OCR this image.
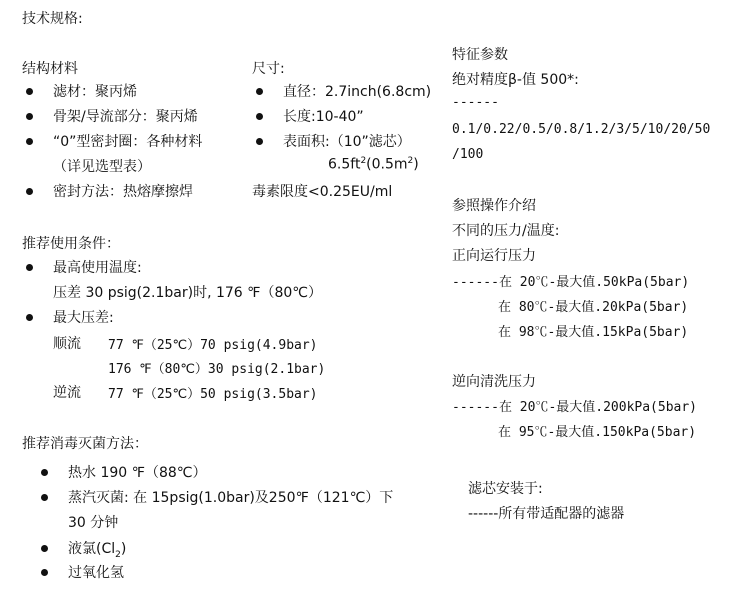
技术规格:
结构材料
滤材：聚丙烯
骨架/导流部分：聚丙烯
“0”型密封圈：各种材料
（详见选型表）
密封方法：热熔摩擦焊
尺寸:
直径：2.7inch(6.8cm)
长度:10-40”
表面积:（10”滤芯）
$6.5ft^2(0.5m^2)$
毒素限度<0.25EU/ml
推荐使用条件：
最高使用温度:
压差 30 psig(2.1bar)时, 176 ℉（80℃）
最大压差:
顺流 77 ℉（25℃）70 psig(4.9bar)
176 ℉（80℃）30 psig(2.1bar)
逆流 77 ℉（25℃）50 psig(3.5bar)
推荐消毒灭菌方法：
热水 190 ℉（88℃）
蒸汽灭菌: 在 15psig(1.0bar)及250℉（121℃）下
30 分钟
液氯$(Cl_2)$
过氧化氢
特征参数
绝对精度β-值 500*:
------
0.1/0.22/0.5/0.8/1.2/3/5/10/20/50
/100
参照操作介绍
不同的压力/温度:
正向运行压力
------在 20℃-最大值.50kPa(5bar)
在 80℃-最大值.20kPa(5bar)
在 98℃-最大值.15kPa(5bar)
逆向清洗压力
------在 20℃-最大值.200kPa(5bar)
在 95℃-最大值.150kPa(5bar)
滤芯安装于:
------所有带适配器的滤器
